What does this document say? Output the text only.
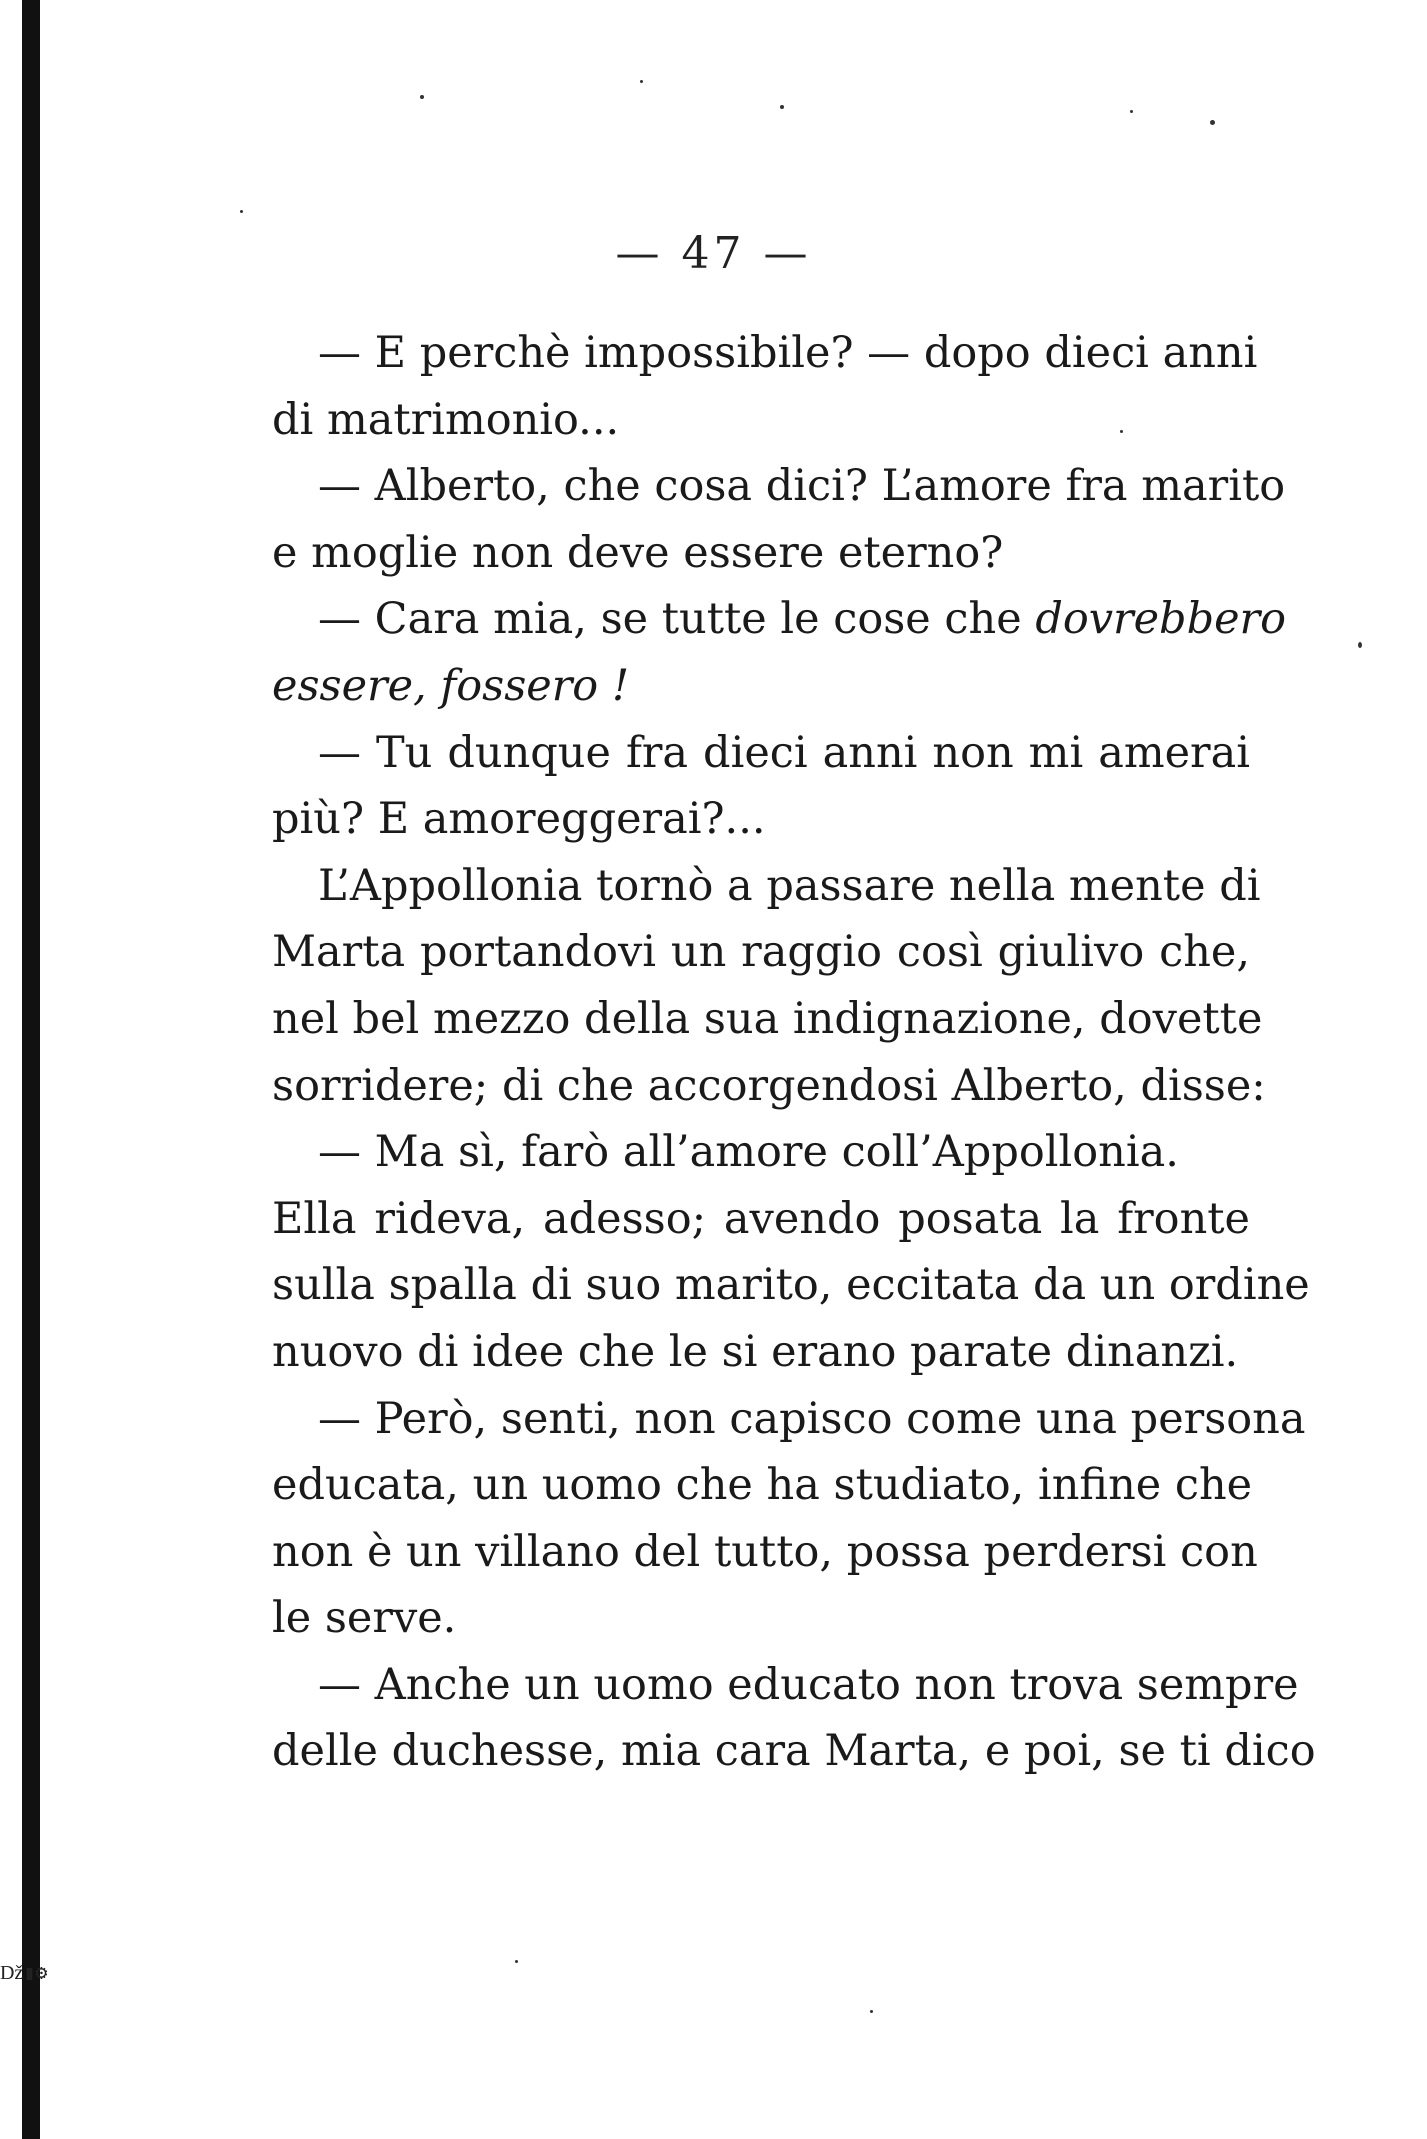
ǅ▮⚙
— 47 —
— E perchè impossibile? — dopo dieci anni
di matrimonio...
— Alberto, che cosa dici? L’amore fra marito
e moglie non deve essere eterno?
— Cara mia, se tutte le cose che dovrebbero
essere, fossero !
— Tu dunque fra dieci anni non mi amerai
più? E amoreggerai?...
L’Appollonia tornò a passare nella mente di
Marta portandovi un raggio così giulivo che,
nel bel mezzo della sua indignazione, dovette
sorridere; di che accorgendosi Alberto, disse:
— Ma sì, farò all’amore coll’Appollonia.
Ella rideva, adesso; avendo posata la fronte
sulla spalla di suo marito, eccitata da un ordine
nuovo di idee che le si erano parate dinanzi.
— Però, senti, non capisco come una persona
educata, un uomo che ha studiato, infine che
non è un villano del tutto, possa perdersi con
le serve.
— Anche un uomo educato non trova sempre
delle duchesse, mia cara Marta, e poi, se ti dico
